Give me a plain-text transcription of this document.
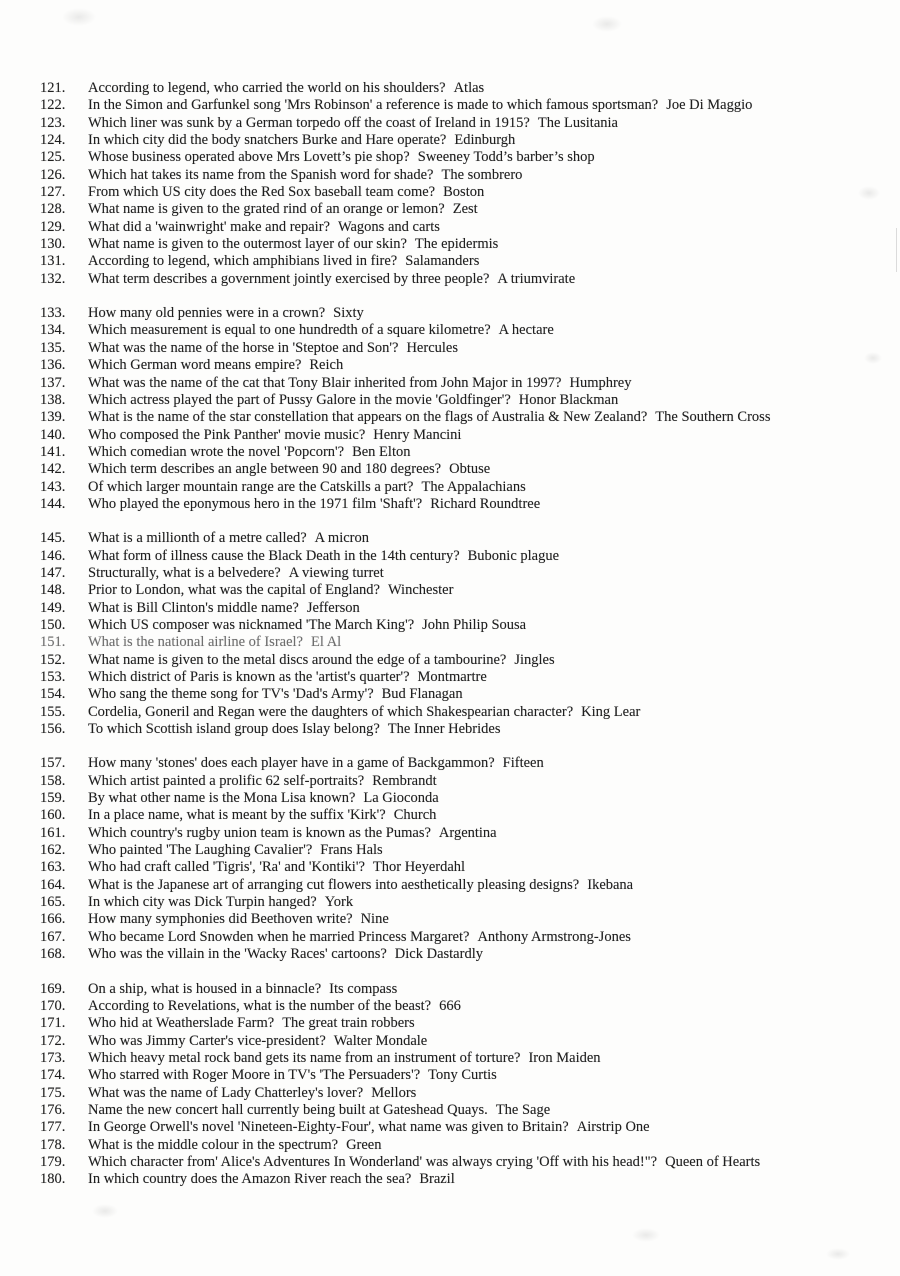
121.	According to legend, who carried the world on his shoulders? Atlas
122.	In the Simon and Garfunkel song 'Mrs Robinson' a reference is made to which famous sportsman? Joe Di Maggio
123.	Which liner was sunk by a German torpedo off the coast of Ireland in 1915? The Lusitania
124.	In which city did the body snatchers Burke and Hare operate? Edinburgh
125.	Whose business operated above Mrs Lovett’s pie shop? Sweeney Todd’s barber’s shop
126.	Which hat takes its name from the Spanish word for shade? The sombrero
127.	From which US city does the Red Sox baseball team come? Boston
128.	What name is given to the grated rind of an orange or lemon? Zest
129.	What did a 'wainwright' make and repair? Wagons and carts
130.	What name is given to the outermost layer of our skin? The epidermis
131.	According to legend, which amphibians lived in fire? Salamanders
132.	What term describes a government jointly exercised by three people? A triumvirate
133.	How many old pennies were in a crown? Sixty
134.	Which measurement is equal to one hundredth of a square kilometre? A hectare
135.	What was the name of the horse in 'Steptoe and Son'? Hercules
136.	Which German word means empire? Reich
137.	What was the name of the cat that Tony Blair inherited from John Major in 1997? Humphrey
138.	Which actress played the part of Pussy Galore in the movie 'Goldfinger'? Honor Blackman
139.	What is the name of the star constellation that appears on the flags of Australia & New Zealand? The Southern Cross
140.	Who composed the Pink Panther' movie music? Henry Mancini
141.	Which comedian wrote the novel 'Popcorn'? Ben Elton
142.	Which term describes an angle between 90 and 180 degrees? Obtuse
143.	Of which larger mountain range are the Catskills a part? The Appalachians
144.	Who played the eponymous hero in the 1971 film 'Shaft'? Richard Roundtree
145.	What is a millionth of a metre called? A micron
146.	What form of illness cause the Black Death in the 14th century? Bubonic plague
147.	Structurally, what is a belvedere? A viewing turret
148.	Prior to London, what was the capital of England? Winchester
149.	What is Bill Clinton's middle name? Jefferson
150.	Which US composer was nicknamed 'The March King'? John Philip Sousa
151.	What is the national airline of Israel? El Al
152.	What name is given to the metal discs around the edge of a tambourine? Jingles
153.	Which district of Paris is known as the 'artist's quarter'? Montmartre
154.	Who sang the theme song for TV's 'Dad's Army'? Bud Flanagan
155.	Cordelia, Goneril and Regan were the daughters of which Shakespearian character? King Lear
156.	To which Scottish island group does Islay belong? The Inner Hebrides
157.	How many 'stones' does each player have in a game of Backgammon? Fifteen
158.	Which artist painted a prolific 62 self-portraits? Rembrandt
159.	By what other name is the Mona Lisa known? La Gioconda
160.	In a place name, what is meant by the suffix 'Kirk'? Church
161.	Which country's rugby union team is known as the Pumas? Argentina
162.	Who painted 'The Laughing Cavalier'? Frans Hals
163.	Who had craft called 'Tigris', 'Ra' and 'Kontiki'? Thor Heyerdahl
164.	What is the Japanese art of arranging cut flowers into aesthetically pleasing designs? Ikebana
165.	In which city was Dick Turpin hanged? York
166.	How many symphonies did Beethoven write? Nine
167.	Who became Lord Snowden when he married Princess Margaret? Anthony Armstrong-Jones
168.	Who was the villain in the 'Wacky Races' cartoons? Dick Dastardly
169.	On a ship, what is housed in a binnacle? Its compass
170.	According to Revelations, what is the number of the beast? 666
171.	Who hid at Weatherslade Farm? The great train robbers
172.	Who was Jimmy Carter's vice-president? Walter Mondale
173.	Which heavy metal rock band gets its name from an instrument of torture? Iron Maiden
174.	Who starred with Roger Moore in TV's 'The Persuaders'? Tony Curtis
175.	What was the name of Lady Chatterley's lover? Mellors
176.	Name the new concert hall currently being built at Gateshead Quays. The Sage
177.	In George Orwell's novel 'Nineteen-Eighty-Four', what name was given to Britain? Airstrip One
178.	What is the middle colour in the spectrum? Green
179.	Which character from' Alice's Adventures In Wonderland' was always crying 'Off with his head!"? Queen of Hearts
180.	In which country does the Amazon River reach the sea? Brazil
